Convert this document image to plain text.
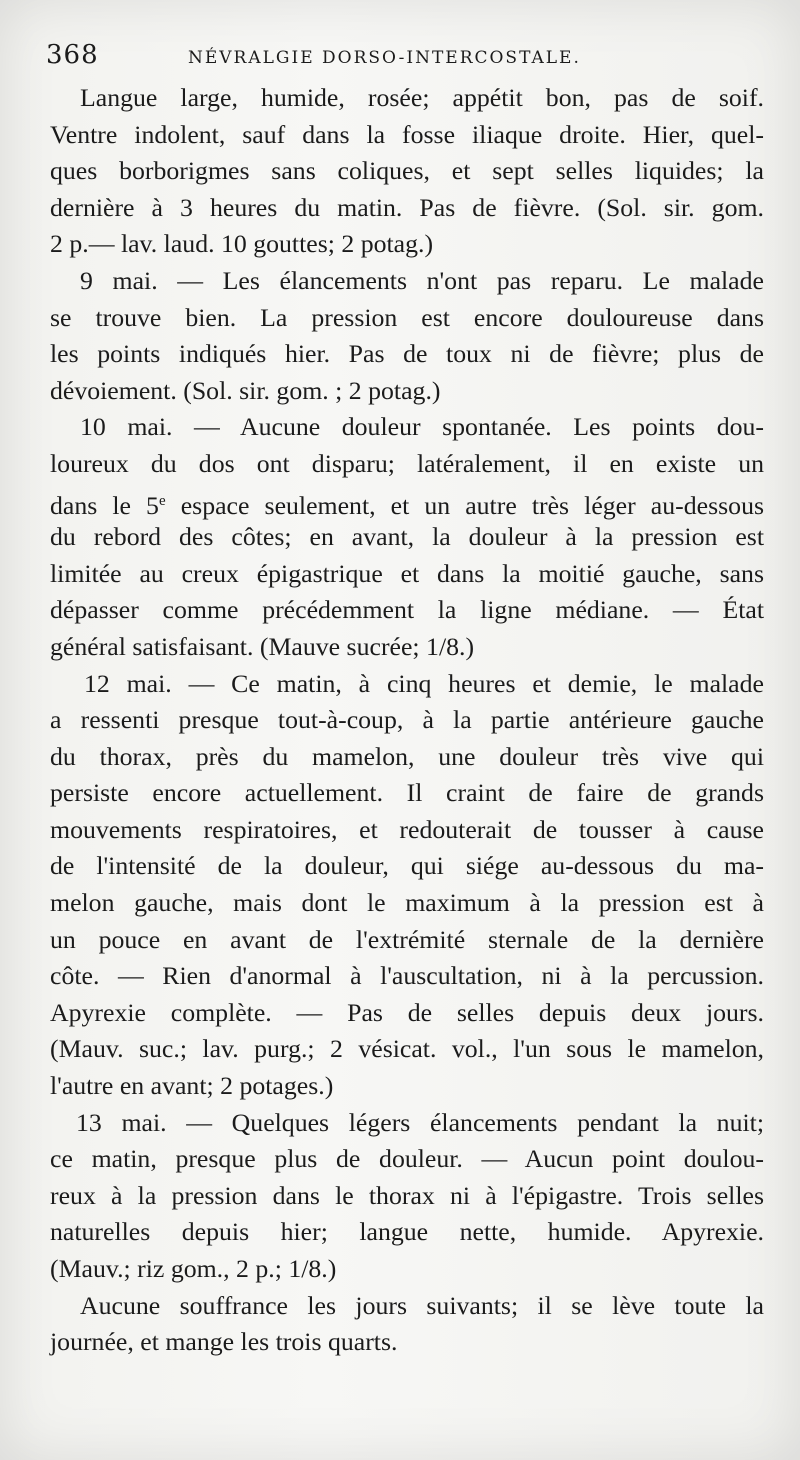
368	NÉVRALGIE DORSO-INTERCOSTALE.
Langue large, humide, rosée; appétit bon, pas de soif.
Ventre indolent, sauf dans la fosse iliaque droite. Hier, quel-
ques borborigmes sans coliques, et sept selles liquides; la
dernière à 3 heures du matin. Pas de fièvre. (Sol. sir. gom.
2 p.— lav. laud. 10 gouttes; 2 potag.)
9 mai. — Les élancements n'ont pas reparu. Le malade
se trouve bien. La pression est encore douloureuse dans
les points indiqués hier. Pas de toux ni de fièvre; plus de
dévoiement. (Sol. sir. gom. ; 2 potag.)
10 mai. — Aucune douleur spontanée. Les points dou-
loureux du dos ont disparu; latéralement, il en existe un
dans le 5e espace seulement, et un autre très léger au-dessous
du rebord des côtes; en avant, la douleur à la pression est
limitée au creux épigastrique et dans la moitié gauche, sans
dépasser comme précédemment la ligne médiane. — État
général satisfaisant. (Mauve sucrée; 1/8.)
12 mai. — Ce matin, à cinq heures et demie, le malade
a ressenti presque tout-à-coup, à la partie antérieure gauche
du thorax, près du mamelon, une douleur très vive qui
persiste encore actuellement. Il craint de faire de grands
mouvements respiratoires, et redouterait de tousser à cause
de l'intensité de la douleur, qui siége au-dessous du ma-
melon gauche, mais dont le maximum à la pression est à
un pouce en avant de l'extrémité sternale de la dernière
côte. — Rien d'anormal à l'auscultation, ni à la percussion.
Apyrexie complète. — Pas de selles depuis deux jours.
(Mauv. suc.; lav. purg.; 2 vésicat. vol., l'un sous le mamelon,
l'autre en avant; 2 potages.)
13 mai. — Quelques légers élancements pendant la nuit;
ce matin, presque plus de douleur. — Aucun point doulou-
reux à la pression dans le thorax ni à l'épigastre. Trois selles
naturelles depuis hier; langue nette, humide. Apyrexie.
(Mauv.; riz gom., 2 p.; 1/8.)
Aucune souffrance les jours suivants; il se lève toute la
journée, et mange les trois quarts.
